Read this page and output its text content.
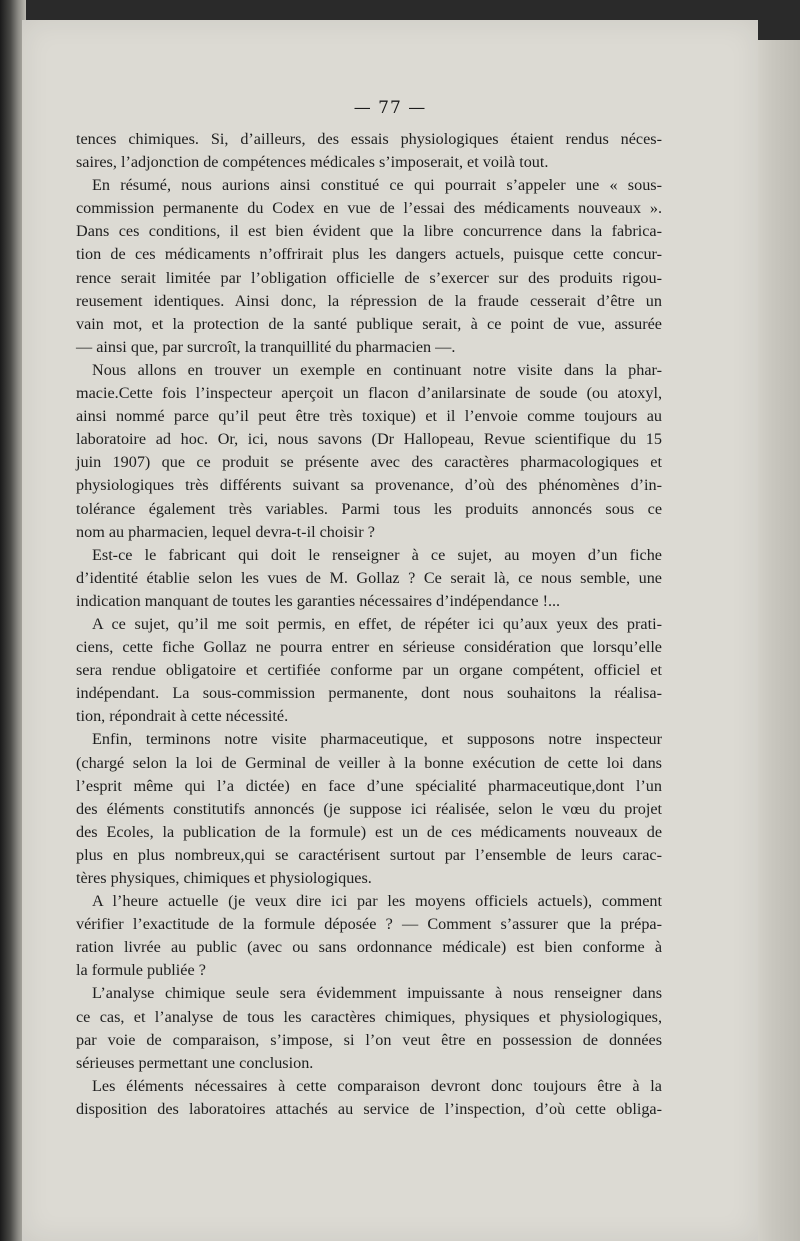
— 77 —
tences chimiques. Si, d’ailleurs, des essais physiologiques étaient rendus néces-
saires, l’adjonction de compétences médicales s’imposerait, et voilà tout.
En résumé, nous aurions ainsi constitué ce qui pourrait s’appeler une « sous-
commission permanente du Codex en vue de l’essai des médicaments nouveaux ».
Dans ces conditions, il est bien évident que la libre concurrence dans la fabrica-
tion de ces médicaments n’offrirait plus les dangers actuels, puisque cette concur-
rence serait limitée par l’obligation officielle de s’exercer sur des produits rigou-
reusement identiques. Ainsi donc, la répression de la fraude cesserait d’être un
vain mot, et la protection de la santé publique serait, à ce point de vue, assurée
— ainsi que, par surcroît, la tranquillité du pharmacien —.
Nous allons en trouver un exemple en continuant notre visite dans la phar-
macie.Cette fois l’inspecteur aperçoit un flacon d’anilarsinate de soude (ou atoxyl,
ainsi nommé parce qu’il peut être très toxique) et il l’envoie comme toujours au
laboratoire ad hoc. Or, ici, nous savons (Dr Hallopeau, Revue scientifique du 15
juin 1907) que ce produit se présente avec des caractères pharmacologiques et
physiologiques très différents suivant sa provenance, d’où des phénomènes d’in-
tolérance également très variables. Parmi tous les produits annoncés sous ce
nom au pharmacien, lequel devra-t-il choisir ?
Est-ce le fabricant qui doit le renseigner à ce sujet, au moyen d’un fiche
d’identité établie selon les vues de M. Gollaz ? Ce serait là, ce nous semble, une
indication manquant de toutes les garanties nécessaires d’indépendance !...
A ce sujet, qu’il me soit permis, en effet, de répéter ici qu’aux yeux des prati-
ciens, cette fiche Gollaz ne pourra entrer en sérieuse considération que lorsqu’elle
sera rendue obligatoire et certifiée conforme par un organe compétent, officiel et
indépendant. La sous-commission permanente, dont nous souhaitons la réalisa-
tion, répondrait à cette nécessité.
Enfin, terminons notre visite pharmaceutique, et supposons notre inspecteur
(chargé selon la loi de Germinal de veiller à la bonne exécution de cette loi dans
l’esprit même qui l’a dictée) en face d’une spécialité pharmaceutique,dont l’un
des éléments constitutifs annoncés (je suppose ici réalisée, selon le vœu du projet
des Ecoles, la publication de la formule) est un de ces médicaments nouveaux de
plus en plus nombreux,qui se caractérisent surtout par l’ensemble de leurs carac-
tères physiques, chimiques et physiologiques.
A l’heure actuelle (je veux dire ici par les moyens officiels actuels), comment
vérifier l’exactitude de la formule déposée ? — Comment s’assurer que la prépa-
ration livrée au public (avec ou sans ordonnance médicale) est bien conforme à
la formule publiée ?
L’analyse chimique seule sera évidemment impuissante à nous renseigner dans
ce cas, et l’analyse de tous les caractères chimiques, physiques et physiologiques,
par voie de comparaison, s’impose, si l’on veut être en possession de données
sérieuses permettant une conclusion.
Les éléments nécessaires à cette comparaison devront donc toujours être à la
disposition des laboratoires attachés au service de l’inspection, d’où cette obliga-
